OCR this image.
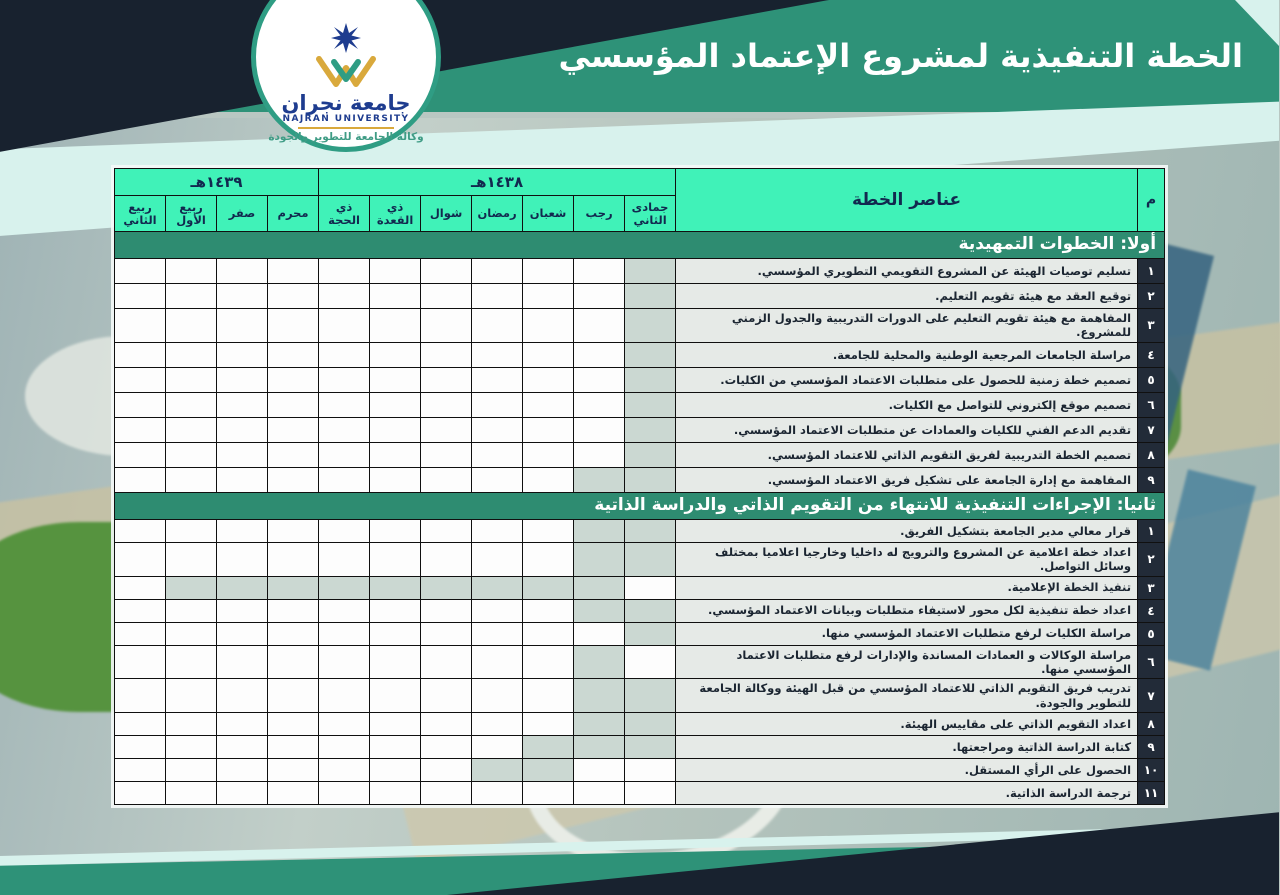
الخطة التنفيذية لمشروع الإعتماد المؤسسي
جامعة نجران
NAJRAN UNIVERSITY
وكالة الجامعة للتطوير والجودة
م	عناصر الخطة	١٤٣٨هـ							١٤٣٩هـ			
		جمادى الثاني	رجب	شعبان	رمضان	شوال	ذي القعدة	ذي الحجة	محرم	صفر	ربيع الأول	ربيع الثاني
أولا: الخطوات التمهيدية												
١	تسليم توصيات الهيئة عن المشروع التقويمي التطويري المؤسسي.											
٢	توقيع العقد مع هيئة تقويم التعليم.											
٣	المفاهمة مع هيئة تقويم التعليم على الدورات التدريبية والجدول الزمني للمشروع.											
٤	مراسلة الجامعات المرجعية الوطنية والمحلية للجامعة.											
٥	تصميم خطة زمنية للحصول على متطلبات الاعتماد المؤسسي من الكليات.											
٦	تصميم موقع إلكتروني للتواصل مع الكليات.											
٧	تقديم الدعم الفني للكليات والعمادات عن متطلبات الاعتماد المؤسسي.											
٨	تصميم الخطة التدريبية لفريق التقويم الذاتي للاعتماد المؤسسي.											
٩	المفاهمة مع إدارة الجامعة على تشكيل فريق الاعتماد المؤسسي.											
ثانيا: الإجراءات التنفيذية للانتهاء من التقويم الذاتي والدراسة الذاتية												
١	قرار معالي مدير الجامعة بتشكيل الفريق.											
٢	اعداد خطة اعلامية عن المشروع والترويج له داخليا وخارجيا اعلاميا بمختلف وسائل التواصل.											
٣	تنفيذ الخطة الإعلامية.											
٤	اعداد خطة تنفيذية لكل محور لاستيفاء متطلبات وبيانات الاعتماد المؤسسي.											
٥	مراسلة الكليات لرفع متطلبات الاعتماد المؤسسي منها.											
٦	مراسلة الوكالات و العمادات المساندة والإدارات لرفع متطلبات الاعتماد المؤسسي منها.											
٧	تدريب فريق التقويم الذاتي للاعتماد المؤسسي من قبل الهيئة ووكالة الجامعة للتطوير والجودة.											
٨	اعداد التقويم الذاتي على مقاييس الهيئة.											
٩	كتابة الدراسة الذاتية ومراجعتها.											
١٠	الحصول على الرأي المستقل.											
١١	ترجمة الدراسة الذاتية.											
